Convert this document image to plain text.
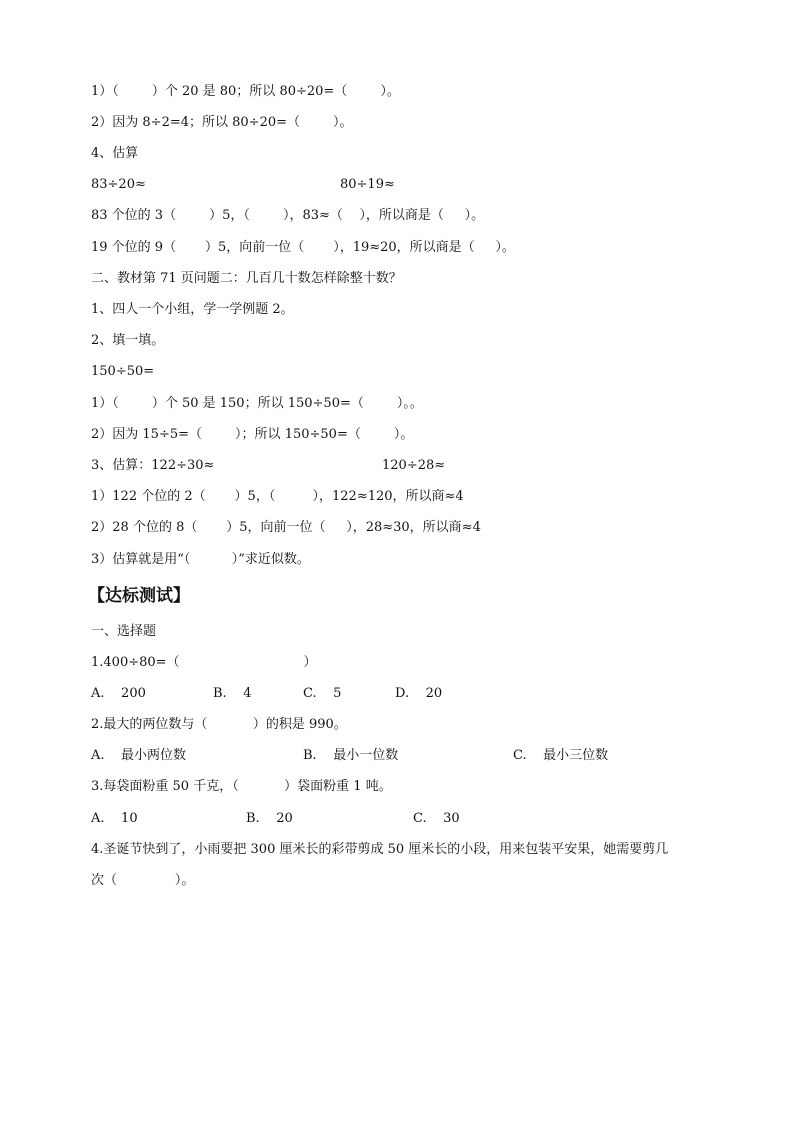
1）（        ）个 20 是 80；所以 80÷20=（        ）。
2）因为 8÷2=4；所以 80÷20=（        ）。
4、估算
83÷20≈	80÷19≈
83 个位的 3（        ）5，（        ），83≈（    ），所以商是（     ）。
19 个位的 9（       ）5，向前一位（       ），19≈20，所以商是（     ）。
二、教材第 71 页问题二：几百几十数怎样除整十数？
1、四人一个小组，学一学例题 2。
2、填一填。
150÷50=
1）（        ）个 50 是 150；所以 150÷50=（        ）。。
2）因为 15÷5=（        ）；所以 150÷50=（        ）。
3、估算：122÷30≈	120÷28≈
1）122 个位的 2（       ）5，（         ），122≈120，所以商≈4
2）28 个位的 8（       ）5，向前一位（     ），28≈30，所以商≈4
3）估算就是用“（          ）”求近似数。
【达标测试】
一、选择题
1.400÷80=（                              ）
A.    200	B.    4	C.    5	D.    20
2.最大的两位数与（           ）的积是 990。
A.    最小两位数	B.    最小一位数	C.    最小三位数
3.每袋面粉重 50 千克，（           ）袋面粉重 1 吨。
A.    10	B.    20	C.    30
4.圣诞节快到了，小雨要把 300 厘米长的彩带剪成 50 厘米长的小段，用来包装平安果，她需要剪几
次（              ）。
